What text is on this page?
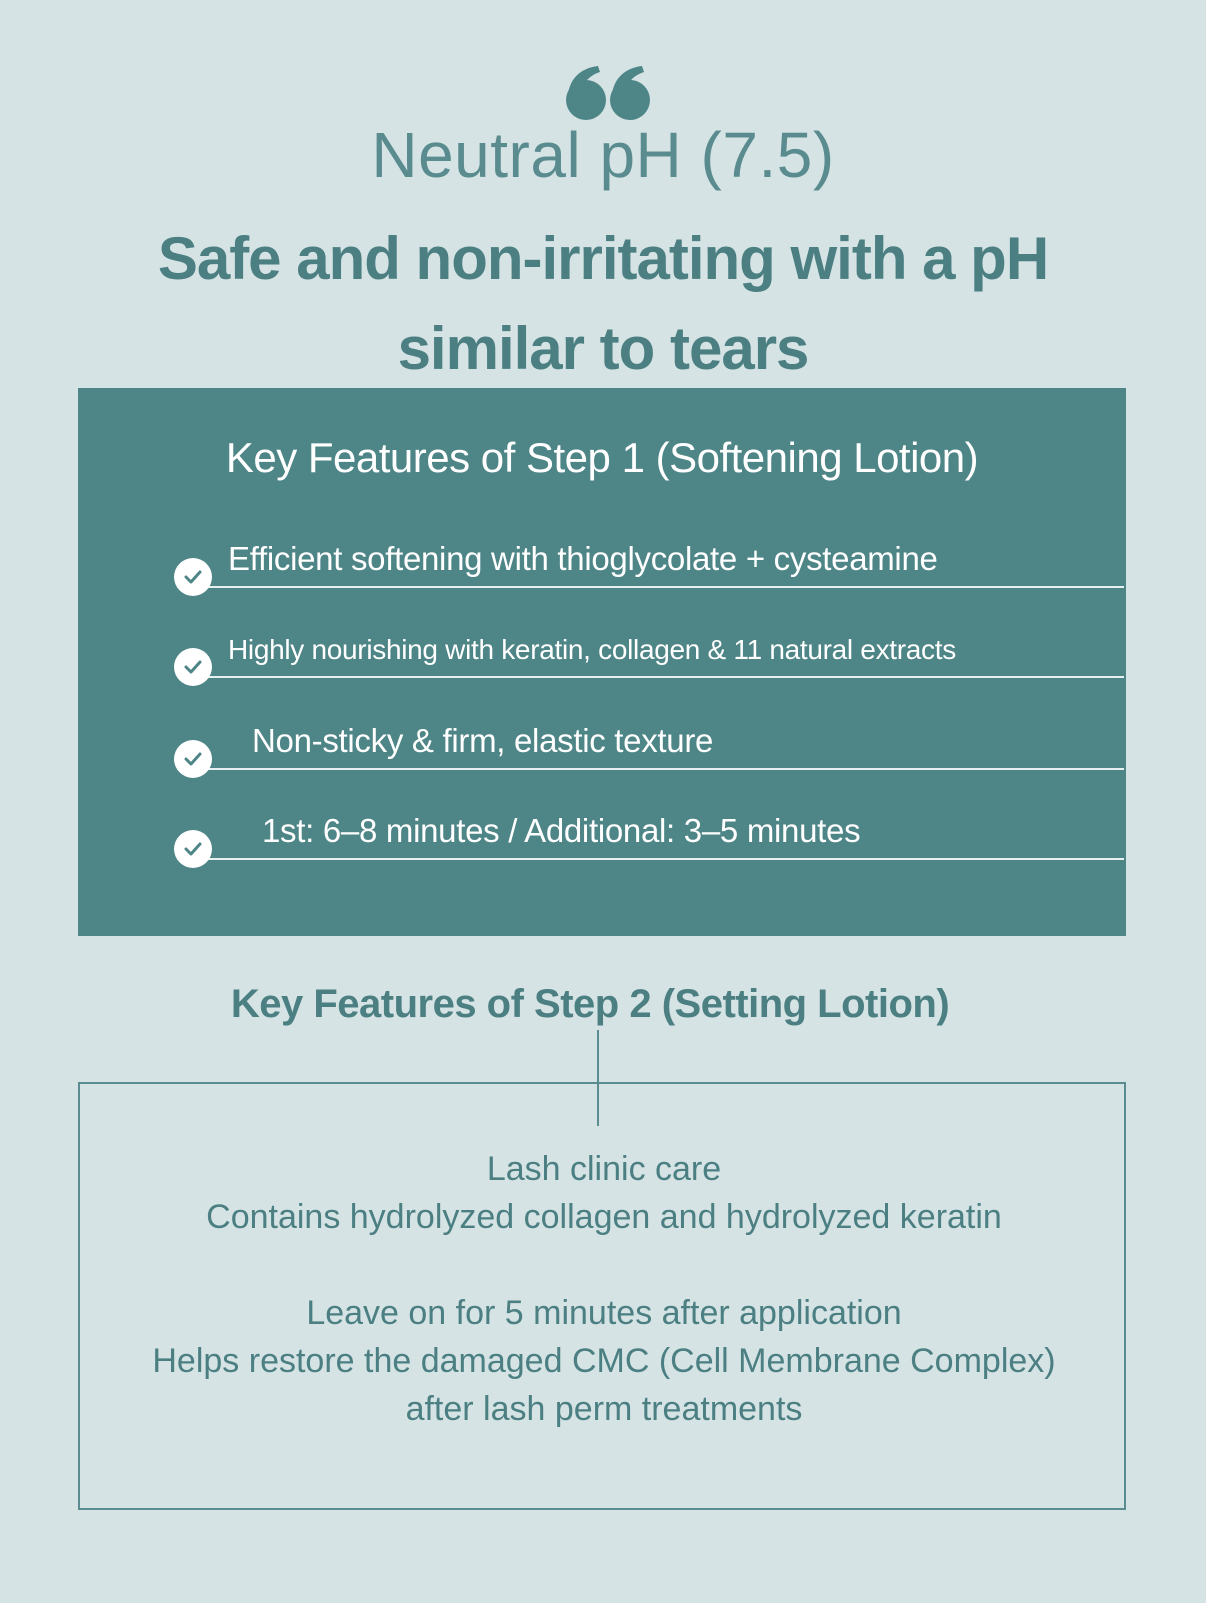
Neutral pH (7.5)
Safe and non-irritating with a pH
similar to tears
Key Features of Step 1 (Softening Lotion)
Efficient softening with thioglycolate + cysteamine
Highly nourishing with keratin, collagen & 11 natural extracts
Non-sticky & firm, elastic texture
1st: 6–8 minutes / Additional: 3–5 minutes
Key Features of Step 2 (Setting Lotion)
Lash clinic care
Contains hydrolyzed collagen and hydrolyzed keratin
Leave on for 5 minutes after application
Helps restore the damaged CMC (Cell Membrane Complex)
after lash perm treatments
